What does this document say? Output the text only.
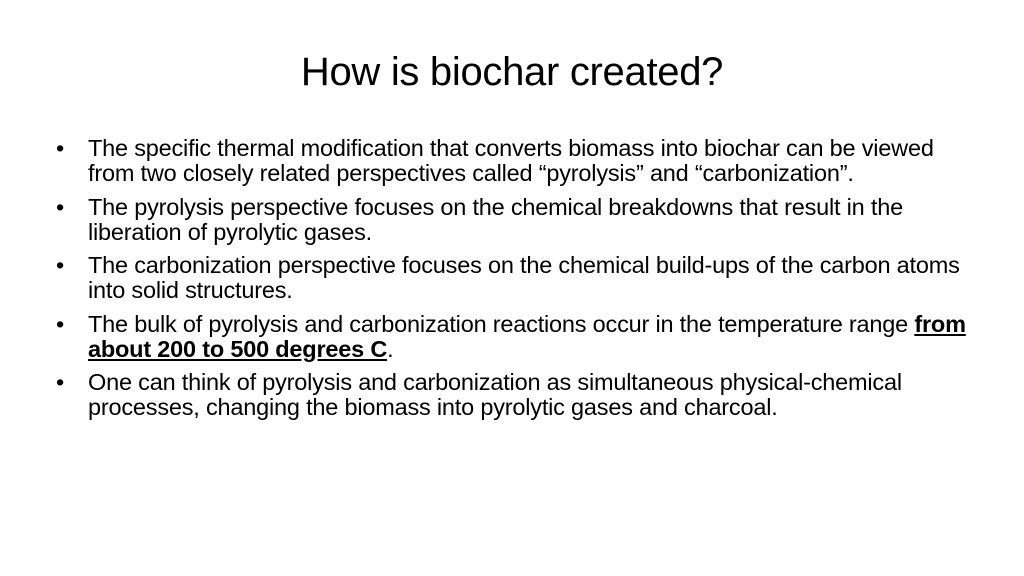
How is biochar created?
•	The specific thermal modification that converts biomass into biochar can be viewed from two closely related perspectives called “pyrolysis” and “carbonization”.
•	The pyrolysis perspective focuses on the chemical breakdowns that result in the liberation of pyrolytic gases.
•	The carbonization perspective focuses on the chemical build-ups of the carbon atoms into solid structures.
•	The bulk of pyrolysis and carbonization reactions occur in the temperature range from about 200 to 500 degrees C.
•	One can think of pyrolysis and carbonization as simultaneous physical-chemical processes, changing the biomass into pyrolytic gases and charcoal.
